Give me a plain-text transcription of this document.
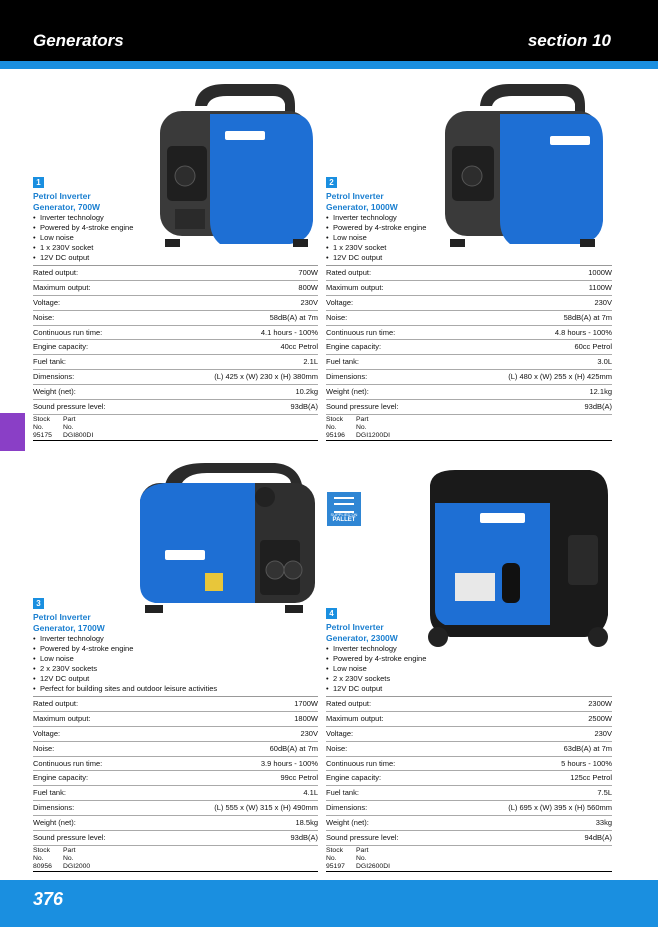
Generators	section 10
SUPPLIED ON
PALLET
1
Petrol Inverter
Generator, 700W
• Inverter technology
• Powered by 4-stroke engine
• Low noise
• 1 x 230V socket
• 12V DC output
Rated output:	700W
Maximum output:	800W
Voltage:	230V
Noise:	58dB(A) at 7m
Continuous run time:	4.1 hours - 100%
Engine capacity:	40cc Petrol
Fuel tank:	2.1L
Dimensions:	(L) 425 x (W) 230 x (H) 380mm
Weight (net):	10.2kg
Sound pressure level:	93dB(A)
Stock	Part
No.	No.
95175	DGI800DI
2
Petrol Inverter
Generator, 1000W
• Inverter technology
• Powered by 4-stroke engine
• Low noise
• 1 x 230V socket
• 12V DC output
Rated output:	1000W
Maximum output:	1100W
Voltage:	230V
Noise:	58dB(A) at 7m
Continuous run time:	4.8 hours - 100%
Engine capacity:	60cc Petrol
Fuel tank:	3.0L
Dimensions:	(L) 480 x (W) 255 x (H) 425mm
Weight (net):	12.1kg
Sound pressure level:	93dB(A)
Stock	Part
No.	No.
95196	DGI1200DI
3
Petrol Inverter
Generator, 1700W
• Inverter technology
• Powered by 4-stroke engine
• Low noise
• 2 x 230V sockets
• 12V DC output
• Perfect for building sites and outdoor leisure activities
Rated output:	1700W
Maximum output:	1800W
Voltage:	230V
Noise:	60dB(A) at 7m
Continuous run time:	3.9 hours - 100%
Engine capacity:	99cc Petrol
Fuel tank:	4.1L
Dimensions:	(L) 555 x (W) 315 x (H) 490mm
Weight (net):	18.5kg
Sound pressure level:	93dB(A)
Stock	Part
No.	No.
80956	DGI2000
4
Petrol Inverter
Generator, 2300W
• Inverter technology
• Powered by 4-stroke engine
• Low noise
• 2 x 230V sockets
• 12V DC output
Rated output:	2300W
Maximum output:	2500W
Voltage:	230V
Noise:	63dB(A) at 7m
Continuous run time:	5 hours - 100%
Engine capacity:	125cc Petrol
Fuel tank:	7.5L
Dimensions:	(L) 695 x (W) 395 x (H) 560mm
Weight (net):	33kg
Sound pressure level:	94dB(A)
Stock	Part
No.	No.
95197	DGI2600DI
376
